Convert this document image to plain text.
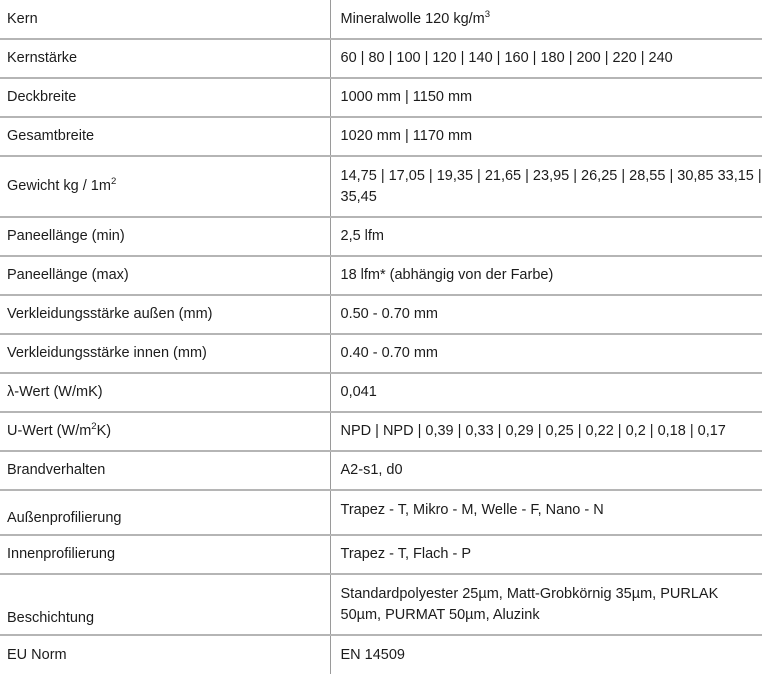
Kern	Mineralwolle 120 $kg/m^3$
Kernstärke	60 | 80 | 100 | 120 | 140 | 160 | 180 | 200 | 220 | 240
Deckbreite	1000 mm | 1150 mm
Gesamtbreite	1020 mm | 1170 mm
Gewicht kg / $1m^2$	14,75 | 17,05 | 19,35 | 21,65 | 23,95 | 26,25 | 28,55 | 30,85 33,15 | 35,45
Paneellänge (min)	2,5 lfm
Paneellänge (max)	18 lfm* (abhängig von der Farbe)
Verkleidungsstärke außen (mm)	0.50 - 0.70 mm
Verkleidungsstärke innen (mm)	0.40 - 0.70 mm
λ-Wert (W/mK)	0,041
U-Wert $(W/m^2K)$	NPD | NPD | 0,39 | 0,33 | 0,29 | 0,25 | 0,22 | 0,2 | 0,18 | 0,17
Brandverhalten	A2-s1, d0
Außenprofilierung	Trapez - T, Mikro - M, Welle - F, Nano - N
Innenprofilierung	Trapez - T, Flach - P
Beschichtung	Standardpolyester 25µm, Matt-Grobkörnig 35µm, PURLAK 50µm, PURMAT 50µm, Aluzink
EU Norm	EN 14509
